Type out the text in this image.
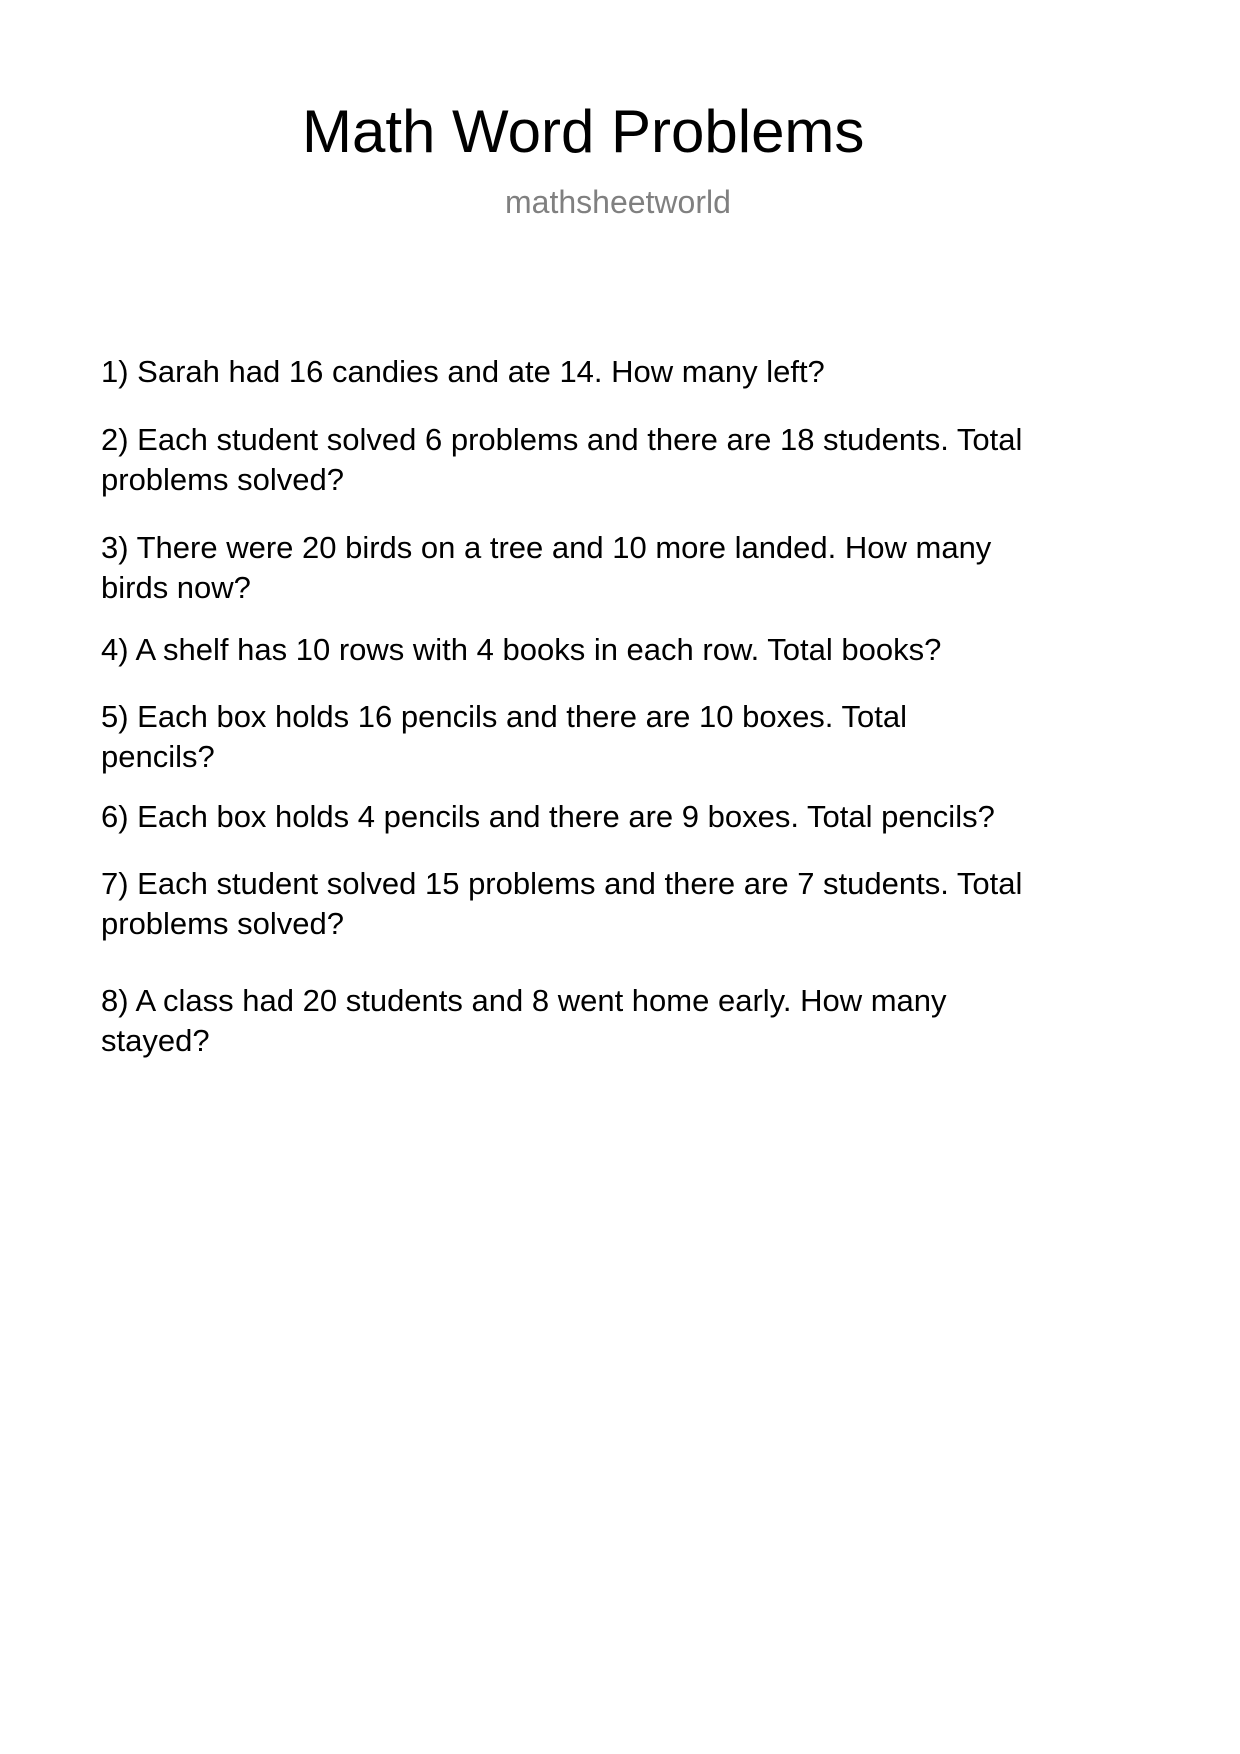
Math Word Problems
mathsheetworld
1) Sarah had 16 candies and ate 14. How many left?
2) Each student solved 6 problems and there are 18 students. Total
problems solved?
3) There were 20 birds on a tree and 10 more landed. How many
birds now?
4) A shelf has 10 rows with 4 books in each row. Total books?
5) Each box holds 16 pencils and there are 10 boxes. Total
pencils?
6) Each box holds 4 pencils and there are 9 boxes. Total pencils?
7) Each student solved 15 problems and there are 7 students. Total
problems solved?
8) A class had 20 students and 8 went home early. How many
stayed?
